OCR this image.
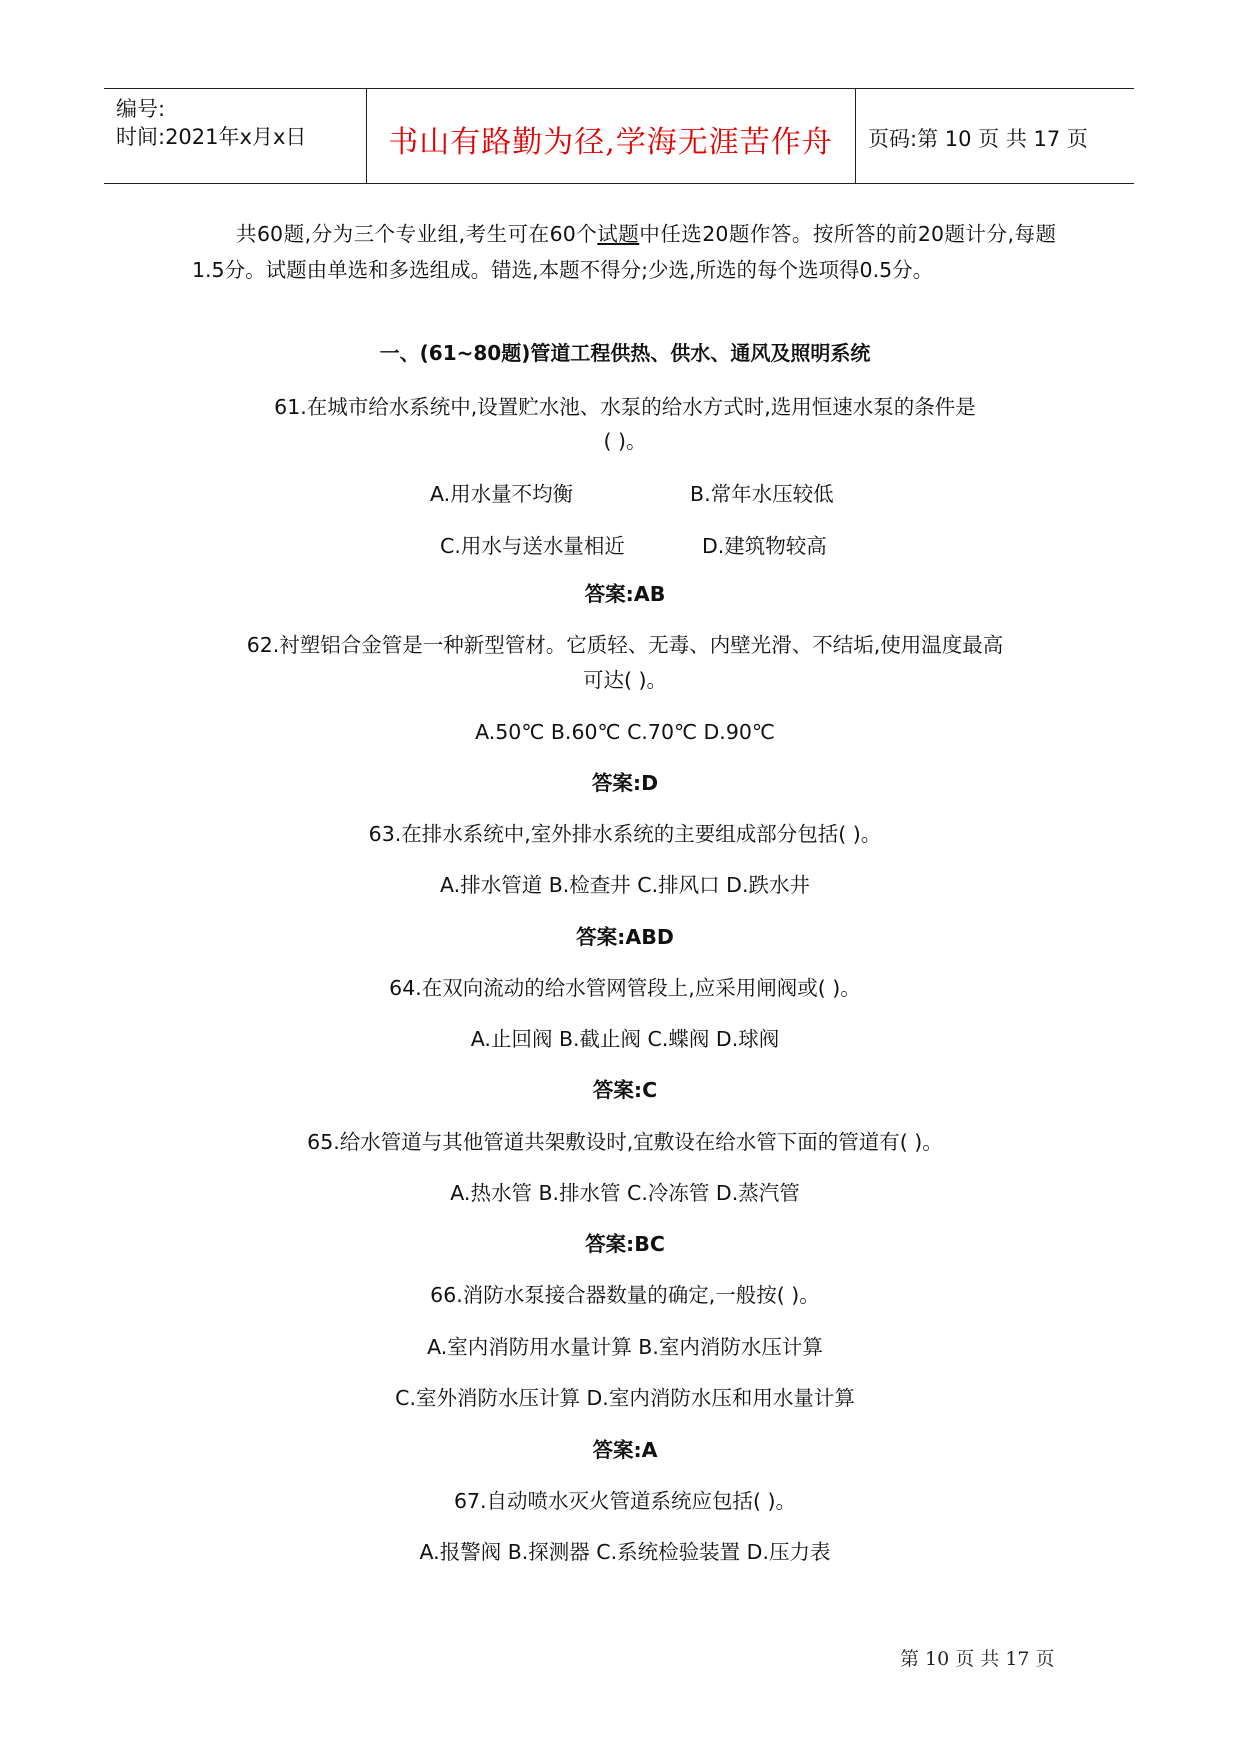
编号:
时间:2021年x月x日	书山有路勤为径,学海无涯苦作舟	页码:第 10 页 共 17 页
共60题,分为三个专业组,考生可在60个试题中任选20题作答。按所答的前20题计分,每题1.5分。试题由单选和多选组成。错选,本题不得分;少选,所选的每个选项得0.5分。
一、(61~80题)管道工程供热、供水、通风及照明系统
61.在城市给水系统中,设置贮水池、水泵的给水方式时,选用恒速水泵的条件是
( )。
A.用水量不均衡	B.常年水压较低
C.用水与送水量相近	D.建筑物较高
答案:AB
62.衬塑铝合金管是一种新型管材。它质轻、无毒、内壁光滑、不结垢,使用温度最高
可达( )。
A.50℃ B.60℃ C.70℃ D.90℃
答案:D
63.在排水系统中,室外排水系统的主要组成部分包括( )。
A.排水管道 B.检查井 C.排风口 D.跌水井
答案:ABD
64.在双向流动的给水管网管段上,应采用闸阀或( )。
A.止回阀 B.截止阀 C.蝶阀 D.球阀
答案:C
65.给水管道与其他管道共架敷设时,宜敷设在给水管下面的管道有( )。
A.热水管 B.排水管 C.冷冻管 D.蒸汽管
答案:BC
66.消防水泵接合器数量的确定,一般按( )。
A.室内消防用水量计算 B.室内消防水压计算
C.室外消防水压计算 D.室内消防水压和用水量计算
答案:A
67.自动喷水灭火管道系统应包括( )。
A.报警阀 B.探测器 C.系统检验装置 D.压力表
第 10 页 共 17 页
